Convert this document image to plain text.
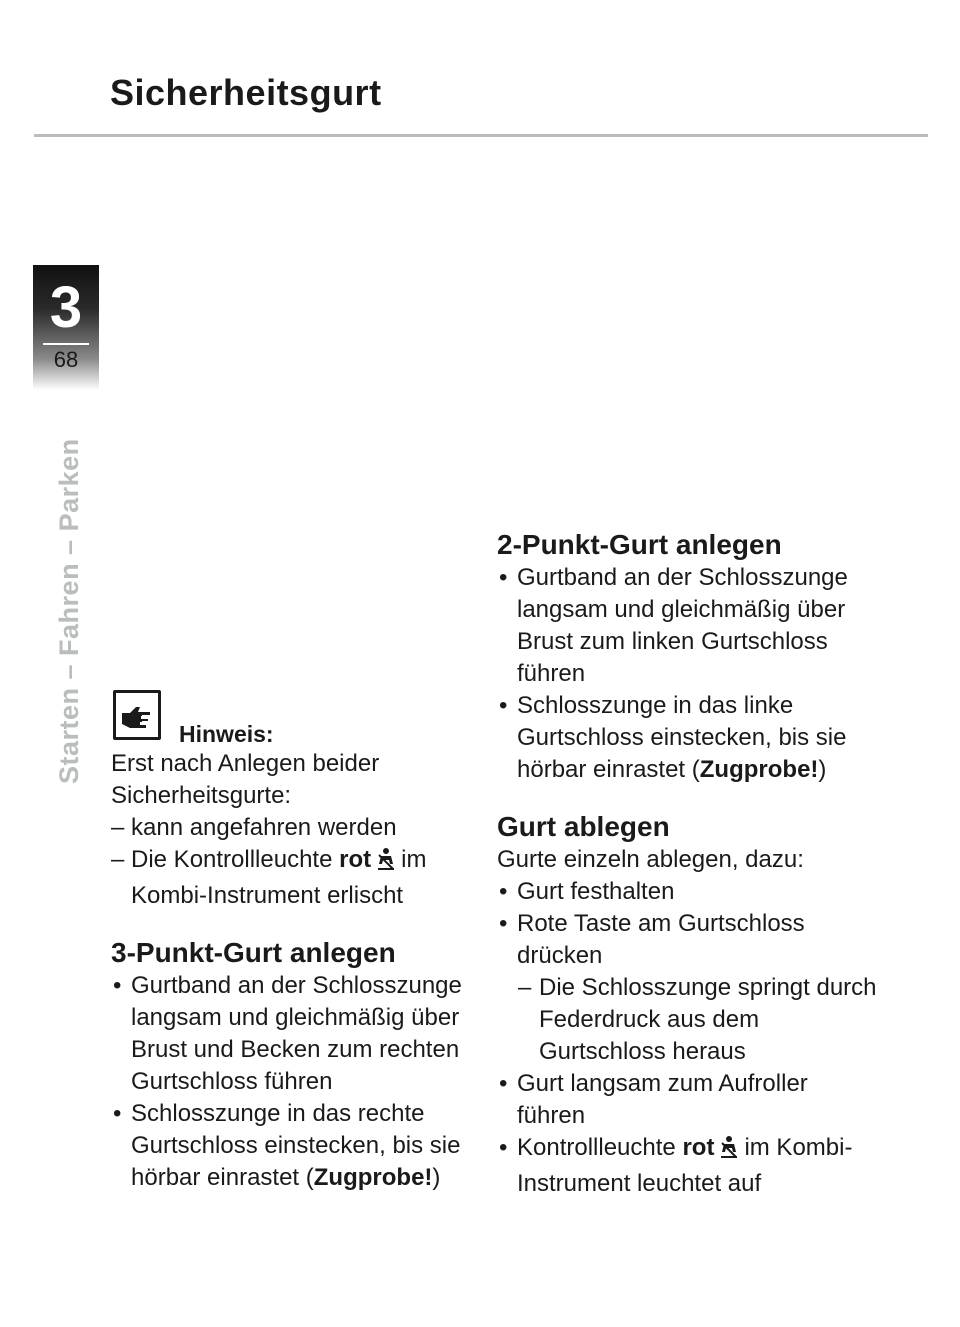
Sicherheitsgurt
3
68
Starten – Fahren – Parken	Hinweis:

Erst nach Anlegen beider Sicherheitsgurte:

– kann angefahren werden
– Die Kontrollleuchte rot im Kombi-Instrument erlischt
3-Punkt-Gurt anlegen
• Gurtband an der Schlosszunge langsam und gleichmäßig über Brust und Becken zum rechten Gurtschloss führen
• Schlosszunge in das rechte Gurtschloss einstecken, bis sie hörbar einrastet (Zugprobe!)
2-Punkt-Gurt anlegen
• Gurtband an der Schlosszunge langsam und gleichmäßig über Brust zum linken Gurtschloss führen
• Schlosszunge in das linke Gurtschloss einstecken, bis sie hörbar einrastet (Zugprobe!)
Gurt ablegen

Gurte einzeln ablegen, dazu:

• Gurt festhalten
• Rote Taste am Gurtschloss drücken
– Die Schlosszunge springt durch Federdruck aus dem Gurtschloss heraus
• Gurt langsam zum Aufroller führen
• Kontrollleuchte rot im Kombi-Instrument leuchtet auf
